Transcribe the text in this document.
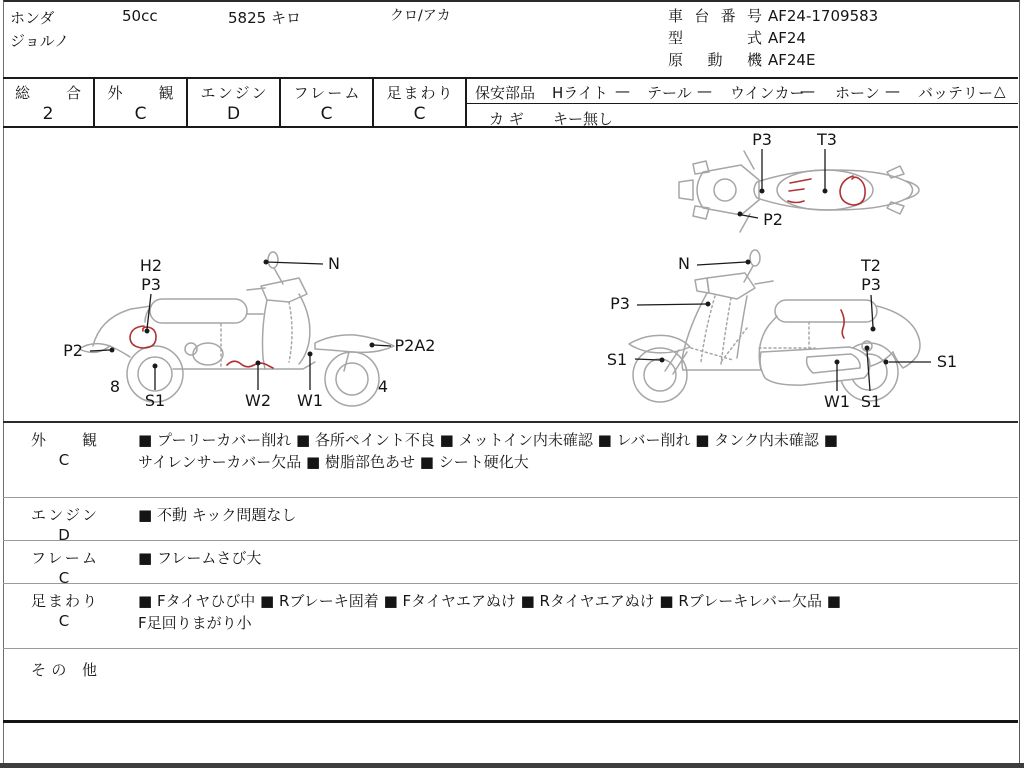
ホンダ	50cc	5825 キロ	クロ/アカ
ジョルノ
車台番号 AF24-1709583
型 式 AF24
原 動 機 AF24E
総 合
2
外 観
C
エンジン
D
フレーム
C
足まわり
C
保安部品 Hライト — テール — ウインカー
— ホーン — バッテリー △
カ ギ キー無し
H2
P3
N
P2	P2A2
8
S1	W2 W1
4
N	T2
P3
P3
S1	S1
W1 S1
P3	T3
P2
外 観
C
■ プーリーカバー削れ ■ 各所ペイント不良 ■ メットイン内未確認 ■ レバー削れ ■ タンク内未確認 ■
サイレンサーカバー欠品 ■ 樹脂部色あせ ■ シート硬化大
エンジン
D
■ 不動 キック問題なし
フレーム
C
■ フレームさび大
足まわり
C
■ Fタイヤひび中 ■ Rブレーキ固着 ■ Fタイヤエアぬけ ■ Rタイヤエアぬけ ■ Rブレーキレバー欠品 ■
F足回りまがり小
その 他
